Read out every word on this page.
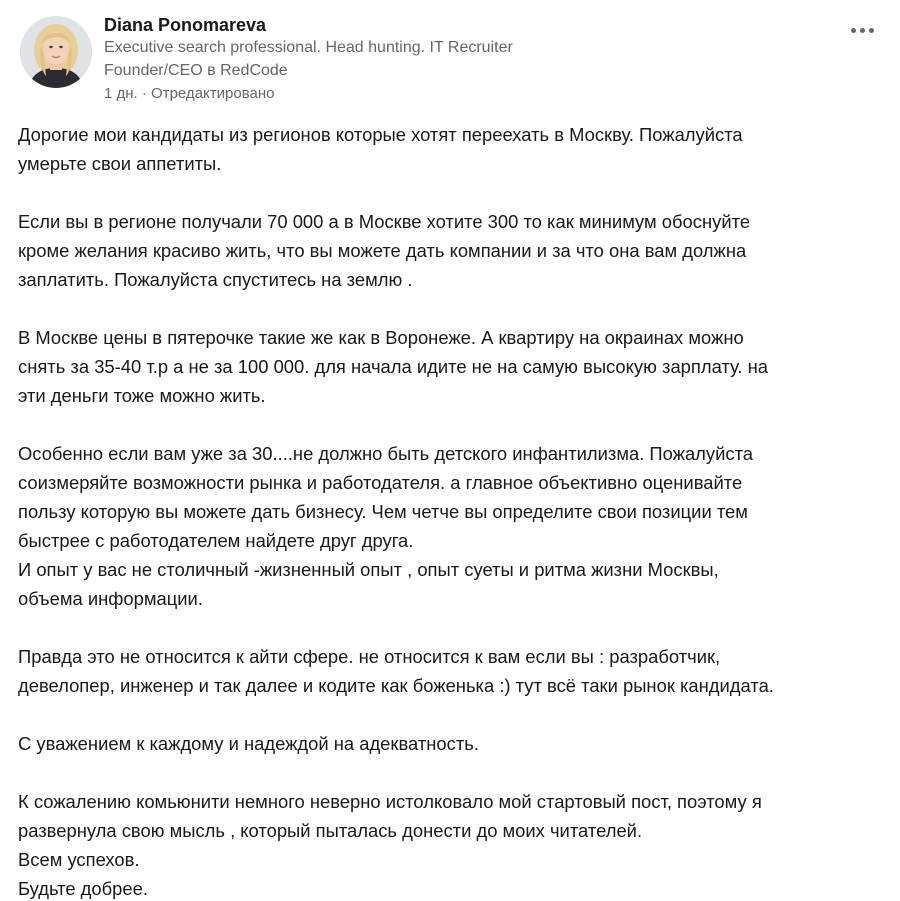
Diana Ponomareva
Executive search professional. Head hunting. IT Recruiter
Founder/CEO в RedCode
1 дн. · Отредактировано

Дорогие мои кандидаты из регионов которые хотят переехать в Москву. Пожалуйста
умерьте свои аппетиты.

Если вы в регионе получали 70 000 а в Москве хотите 300 то как минимум обоснуйте
кроме желания красиво жить, что вы можете дать компании и за что она вам должна
заплатить. Пожалуйста спуститесь на землю .

В Москве цены в пятерочке такие же как в Воронеже. А квартиру на окраинах можно
снять за 35-40 т.р а не за 100 000. для начала идите не на самую высокую зарплату. на
эти деньги тоже можно жить.

Особенно если вам уже за 30....не должно быть детского инфантилизма. Пожалуйста
соизмеряйте возможности рынка и работодателя. а главное объективно оценивайте
пользу которую вы можете дать бизнесу. Чем четче вы определите свои позиции тем
быстрее с работодателем найдете друг друга.
И опыт у вас не столичный -жизненный опыт , опыт суеты и ритма жизни Москвы,
объема информации.

Правда это не относится к айти сфере. не относится к вам если вы : разработчик,
девелопер, инженер и так далее и кодите как боженька :) тут всё таки рынок кандидата.

С уважением к каждому и надеждой на адекватность.

К сожалению комьюнити немного неверно истолковало мой стартовый пост, поэтому я
развернула свою мысль , который пыталась донести до моих читателей.
Всем успехов.
Будьте добрее.
